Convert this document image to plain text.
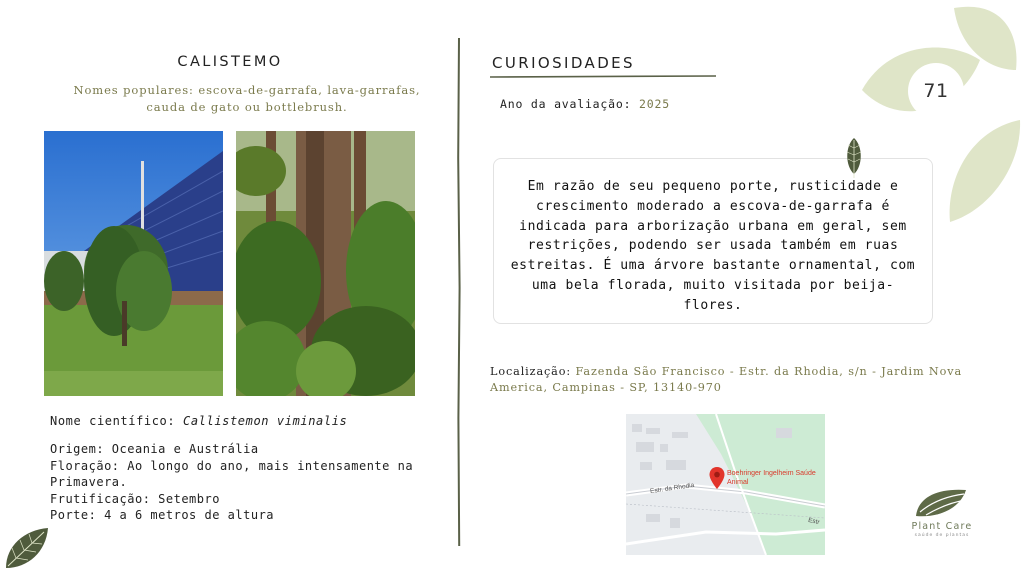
71
CALISTEMO
Nomes populares: escova-de-garrafa, lava-garrafas, cauda de gato ou bottlebrush.
Nome científico: Callistemon viminalis
Origem: Oceania e Austrália
Floração: Ao longo do ano, mais intensamente na Primavera.
Frutificação: Setembro
Porte: 4 a 6 metros de altura
CURIOSIDADES
Ano da avaliação: 2025
Em razão de seu pequeno porte, rusticidade e crescimento moderado a escova-de-garrafa é indicada para arborização urbana em geral, sem restrições, podendo ser usada também em ruas estreitas. É uma árvore bastante ornamental, com uma bela florada, muito visitada por beija-flores.
Localização: Fazenda São Francisco - Estr. da Rhodia, s/n - Jardim Nova America, Campinas - SP, 13140-970
Estr. da Rhodia
Estr
Boehringer Ingelheim Saúde Animal
Plant Care
saúde de plantas
